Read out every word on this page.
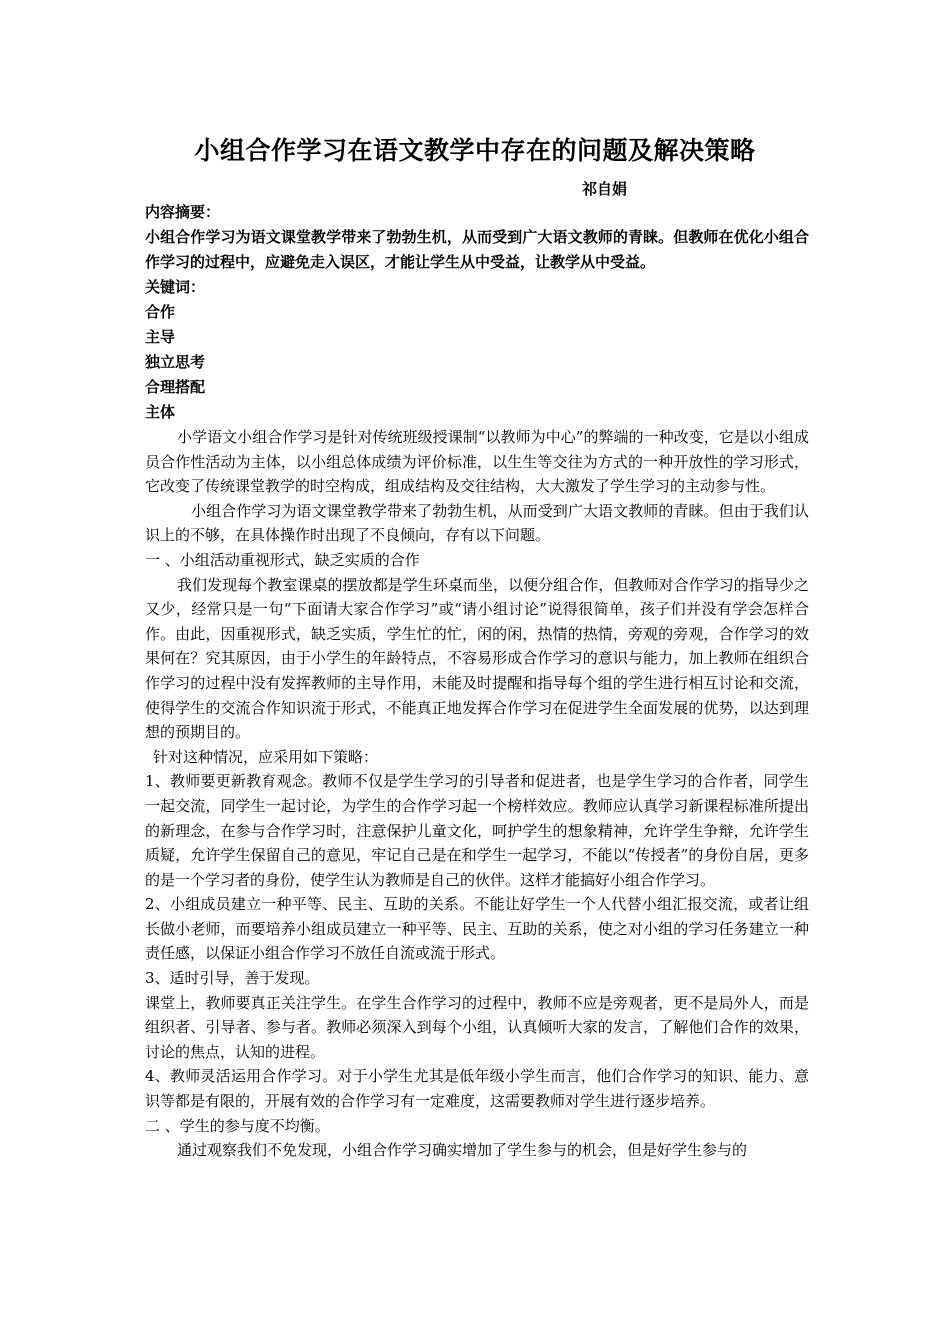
小组合作学习在语文教学中存在的问题及解决策略

祁自娟

内容摘要：

小组合作学习为语文课堂教学带来了勃勃生机，从而受到广大语文教师的青睐。但教师在优化小组合作学习的过程中，应避免走入误区，才能让学生从中受益，让教学从中受益。

关键词：

合作
主导
独立思考
合理搭配
主体

小学语文小组合作学习是针对传统班级授课制“以教师为中心”的弊端的一种改变，它是以小组成员合作性活动为主体，以小组总体成绩为评价标准，以生生等交往为方式的一种开放性的学习形式，它改变了传统课堂教学的时空构成，组成结构及交往结构，大大激发了学生学习的主动参与性。

小组合作学习为语文课堂教学带来了勃勃生机，从而受到广大语文教师的青睐。但由于我们认识上的不够，在具体操作时出现了不良倾向，存有以下问题。

一 、小组活动重视形式，缺乏实质的合作

我们发现每个教室课桌的摆放都是学生环桌而坐，以便分组合作，但教师对合作学习的指导少之又少，经常只是一句“下面请大家合作学习”或“请小组讨论”说得很简单，孩子们并没有学会怎样合作。由此，因重视形式，缺乏实质，学生忙的忙，闲的闲，热情的热情，旁观的旁观，合作学习的效果何在？究其原因，由于小学生的年龄特点，不容易形成合作学习的意识与能力，加上教师在组织合作学习的过程中没有发挥教师的主导作用，未能及时提醒和指导每个组的学生进行相互讨论和交流，使得学生的交流合作知识流于形式，不能真正地发挥合作学习在促进学生全面发展的优势，以达到理想的预期目的。

针对这种情况，应采用如下策略：

1、教师要更新教育观念。教师不仅是学生学习的引导者和促进者，也是学生学习的合作者，同学生一起交流，同学生一起讨论，为学生的合作学习起一个榜样效应。教师应认真学习新课程标准所提出的新理念，在参与合作学习时，注意保护儿童文化，呵护学生的想象精神，允许学生争辩，允许学生质疑，允许学生保留自己的意见，牢记自己是在和学生一起学习，不能以“传授者”的身份自居，更多的是一个学习者的身份，使学生认为教师是自己的伙伴。这样才能搞好小组合作学习。

2、小组成员建立一种平等、民主、互助的关系。不能让好学生一个人代替小组汇报交流，或者让组长做小老师，而要培养小组成员建立一种平等、民主、互助的关系，使之对小组的学习任务建立一种责任感，以保证小组合作学习不放任自流或流于形式。

3、适时引导，善于发现。

课堂上，教师要真正关注学生。在学生合作学习的过程中，教师不应是旁观者，更不是局外人，而是组织者、引导者、参与者。教师必须深入到每个小组，认真倾听大家的发言，了解他们合作的效果，讨论的焦点，认知的进程。

4、教师灵活运用合作学习。对于小学生尤其是低年级小学生而言，他们合作学习的知识、能力、意识等都是有限的，开展有效的合作学习有一定难度，这需要教师对学生进行逐步培养。

二 、学生的参与度不均衡。

通过观察我们不免发现，小组合作学习确实增加了学生参与的机会，但是好学生参与的
